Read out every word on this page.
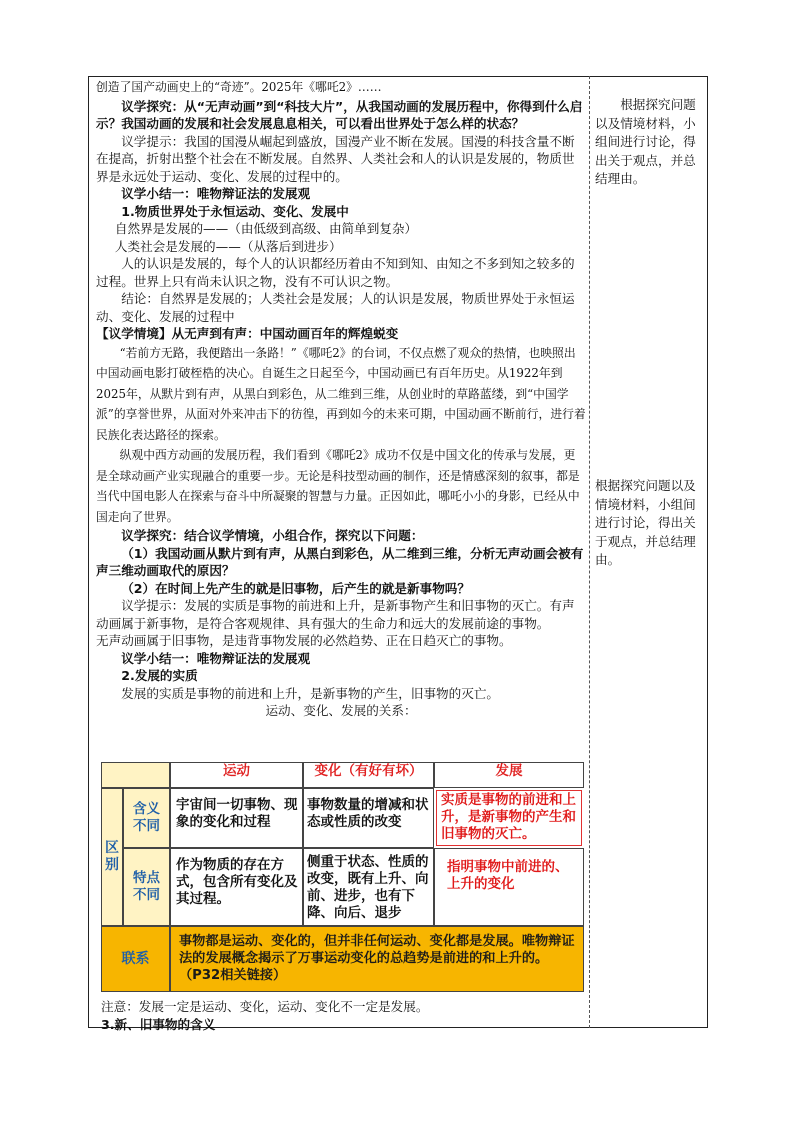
创造了国产动画史上的“奇迹”。2025年《哪吒2》……

议学探究：从“无声动画”到“科技大片”，从我国动画的发展历程中，你得到什么启示？我国动画的发展和社会发展息息相关，可以看出世界处于怎么样的状态？

议学提示：我国的国漫从崛起到盛放，国漫产业不断在发展。国漫的科技含量不断在提高，折射出整个社会在不断发展。自然界、人类社会和人的认识是发展的，物质世界是永远处于运动、变化、发展的过程中的。

议学小结一：唯物辩证法的发展观

1.物质世界处于永恒运动、变化、发展中

自然界是发展的——（由低级到高级、由简单到复杂）

人类社会是发展的——（从落后到进步）

人的认识是发展的，每个人的认识都经历着由不知到知、由知之不多到知之较多的过程。世界上只有尚未认识之物，没有不可认识之物。

结论：自然界是发展的；人类社会是发展；人的认识是发展，物质世界处于永恒运动、变化、发展的过程中

【议学情境】从无声到有声：中国动画百年的辉煌蜕变

“若前方无路，我便踏出一条路！”《哪吒2》的台词，不仅点燃了观众的热情，也映照出中国动画电影打破桎梏的决心。自诞生之日起至今，中国动画已有百年历史。从1922年到2025年，从默片到有声，从黑白到彩色，从二维到三维，从创业时的草路蓝缕，到“中国学派”的享誉世界，从面对外来冲击下的彷徨，再到如今的未来可期，中国动画不断前行，进行着民族化表达路径的探索。

纵观中西方动画的发展历程，我们看到《哪吒2》成功不仅是中国文化的传承与发展，更是全球动画产业实现融合的重要一步。无论是科技型动画的制作，还是情感深刻的叙事，都是当代中国电影人在探索与奋斗中所凝聚的智慧与力量。正因如此，哪吒小小的身影，已经从中国走向了世界。

议学探究：结合议学情境，小组合作，探究以下问题：

（1）我国动画从默片到有声，从黑白到彩色，从二维到三维，分析无声动画会被有声三维动画取代的原因？

（2）在时间上先产生的就是旧事物，后产生的就是新事物吗？

议学提示：发展的实质是事物的前进和上升，是新事物产生和旧事物的灭亡。有声动画属于新事物，是符合客观规律、具有强大的生命力和远大的发展前途的事物。

无声动画属于旧事物，是违背事物发展的必然趋势、正在日趋灭亡的事物。

议学小结一：唯物辩证法的发展观

2.发展的实质

发展的实质是事物的前进和上升，是新事物的产生，旧事物的灭亡。

运动、变化、发展的关系：

根据探究问题以及情境材料，小组间进行讨论，得出关于观点，并总结理由。

根据探究问题以及情境材料，小组间进行讨论，得出关于观点，并总结理由。

运动	变化（有好有坏）	发展
区别
含义不同
宇宙间一切事物、现象的变化和过程
事物数量的增减和状态或性质的改变
实质是事物的前进和上升，是新事物的产生和旧事物的灭亡。
特点不同
作为物质的存在方式，包含所有变化及其过程。
侧重于状态、性质的改变，既有上升、向前、进步，也有下降、向后、退步
指明事物中前进的、上升的变化
联系
事物都是运动、变化的，但并非任何运动、变化都是发展。唯物辩证法的发展概念揭示了万事运动变化的总趋势是前进的和上升的。（P32相关链接）
注意：发展一定是运动、变化，运动、变化不一定是发展。
3.新、旧事物的含义
